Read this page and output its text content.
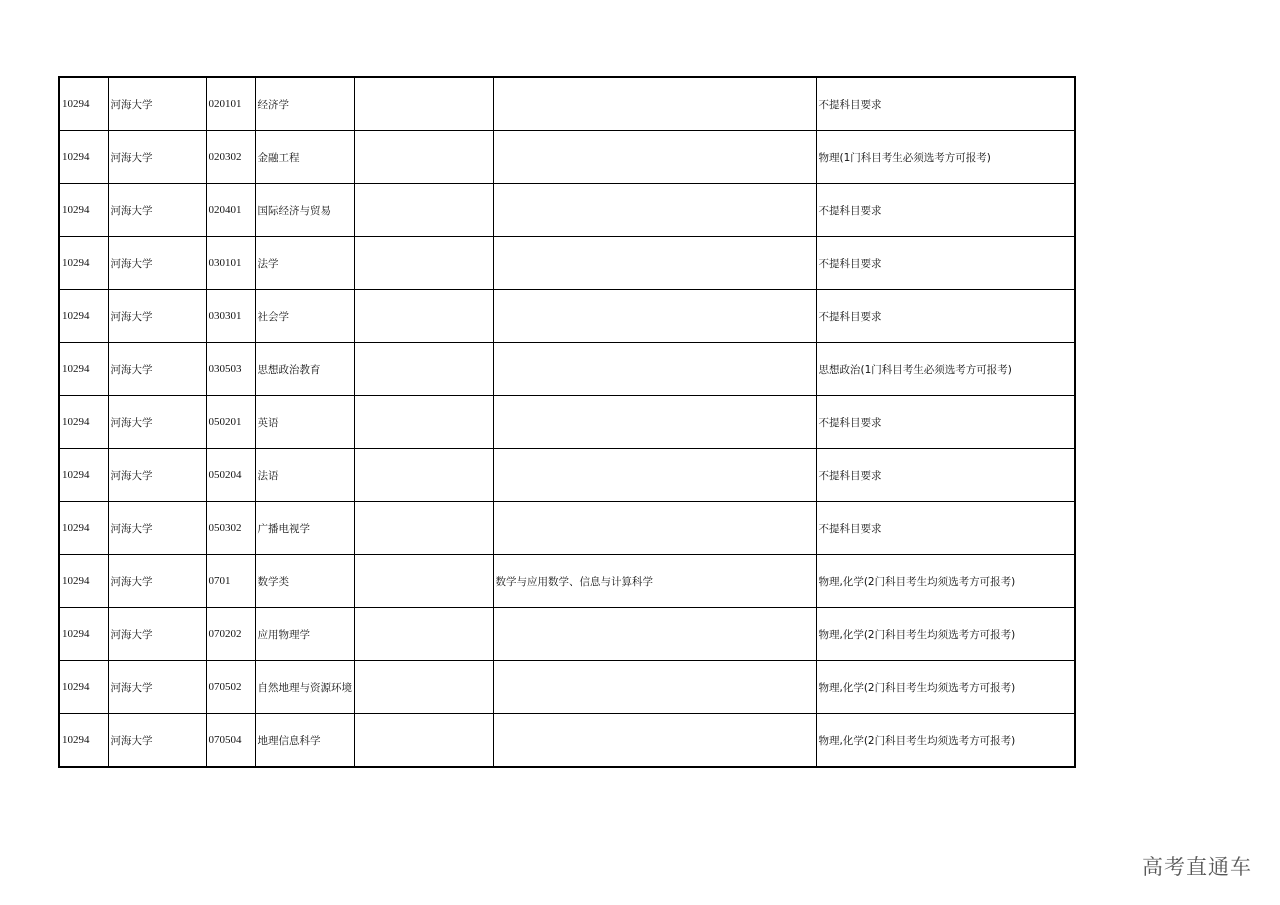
10294	河海大学	020101	经济学			不提科目要求
10294	河海大学	020302	金融工程			物理(1门科目考生必须选考方可报考)
10294	河海大学	020401	国际经济与贸易			不提科目要求
10294	河海大学	030101	法学			不提科目要求
10294	河海大学	030301	社会学			不提科目要求
10294	河海大学	030503	思想政治教育			思想政治(1门科目考生必须选考方可报考)
10294	河海大学	050201	英语			不提科目要求
10294	河海大学	050204	法语			不提科目要求
10294	河海大学	050302	广播电视学			不提科目要求
10294	河海大学	0701	数学类		数学与应用数学、信息与计算科学	物理,化学(2门科目考生均须选考方可报考)
10294	河海大学	070202	应用物理学			物理,化学(2门科目考生均须选考方可报考)
10294	河海大学	070502	自然地理与资源环境			物理,化学(2门科目考生均须选考方可报考)
10294	河海大学	070504	地理信息科学			物理,化学(2门科目考生均须选考方可报考)
高考直通车
